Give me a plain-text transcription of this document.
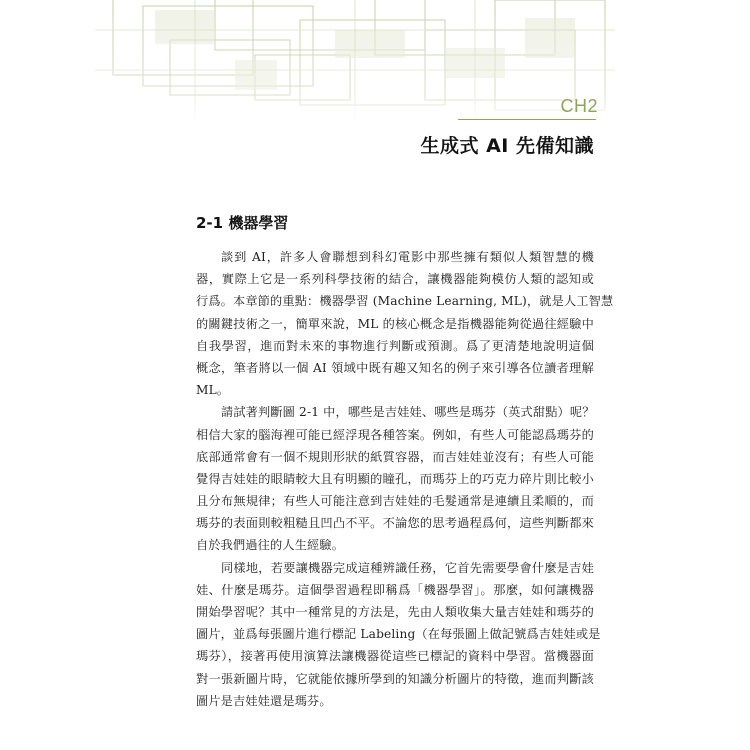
CH2
生成式 AI 先備知識
2-1 機器學習
談到 AI，許多人會聯想到科幻電影中那些擁有類似人類智慧的機
器，實際上它是一系列科學技術的結合，讓機器能夠模仿人類的認知或
行爲。本章節的重點：機器學習 (Machine Learning, ML)，就是人工智慧
的關鍵技術之一，簡單來說，ML 的核心概念是指機器能夠從過往經驗中
自我學習，進而對未來的事物進行判斷或預測。爲了更清楚地說明這個
概念，筆者將以一個 AI 領域中既有趣又知名的例子來引導各位讀者理解
ML。
請試著判斷圖 2-1 中，哪些是吉娃娃、哪些是瑪芬（英式甜點）呢？
相信大家的腦海裡可能已經浮現各種答案。例如，有些人可能認爲瑪芬的
底部通常會有一個不規則形狀的紙質容器，而吉娃娃並沒有；有些人可能
覺得吉娃娃的眼睛較大且有明顯的瞳孔，而瑪芬上的巧克力碎片則比較小
且分布無規律；有些人可能注意到吉娃娃的毛髮通常是連續且柔順的，而
瑪芬的表面則較粗糙且凹凸不平。不論您的思考過程爲何，這些判斷都來
自於我們過往的人生經驗。
同樣地，若要讓機器完成這種辨識任務，它首先需要學會什麼是吉娃
娃、什麼是瑪芬。這個學習過程即稱爲「機器學習」。那麼，如何讓機器
開始學習呢？其中一種常見的方法是，先由人類收集大量吉娃娃和瑪芬的
圖片，並爲每張圖片進行標記 Labeling（在每張圖上做記號爲吉娃娃或是
瑪芬），接著再使用演算法讓機器從這些已標記的資料中學習。當機器面
對一張新圖片時，它就能依據所學到的知識分析圖片的特徵，進而判斷該
圖片是吉娃娃還是瑪芬。
